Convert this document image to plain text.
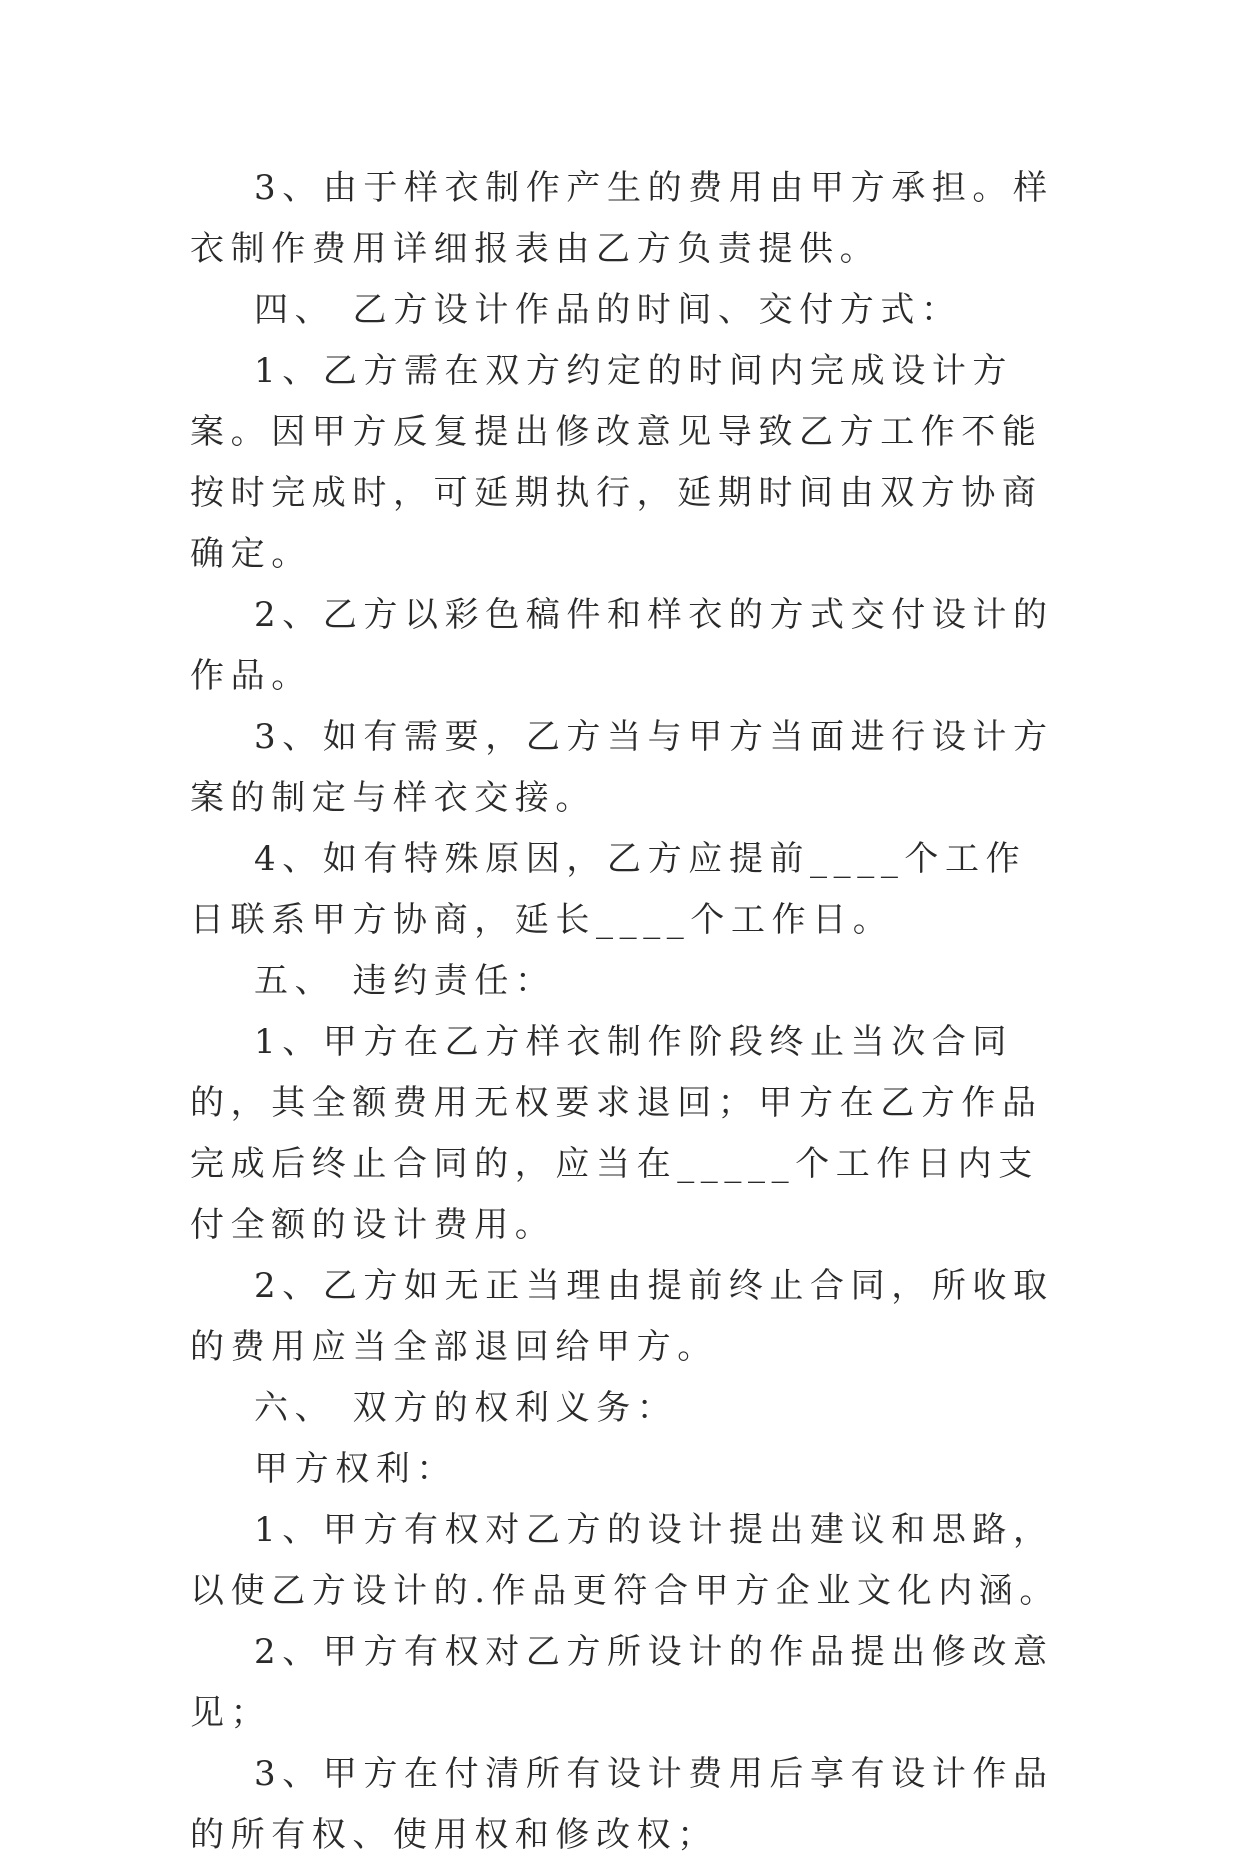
3、由于样衣制作产生的费用由甲方承担。样衣制作费用详细报表由乙方负责提供。

四、 乙方设计作品的时间、交付方式：

1、乙方需在双方约定的时间内完成设计方案。因甲方反复提出修改意见导致乙方工作不能按时完成时，可延期执行，延期时间由双方协商确定。

2、乙方以彩色稿件和样衣的方式交付设计的作品。

3、如有需要，乙方当与甲方当面进行设计方案的制定与样衣交接。

4、如有特殊原因，乙方应提前____个工作日联系甲方协商，延长____个工作日。

五、 违约责任：

1、甲方在乙方样衣制作阶段终止当次合同的，其全额费用无权要求退回；甲方在乙方作品完成后终止合同的，应当在_____个工作日内支付全额的设计费用。

2、乙方如无正当理由提前终止合同，所收取的费用应当全部退回给甲方。

六、 双方的权利义务：

甲方权利：

1、甲方有权对乙方的设计提出建议和思路，以使乙方设计的.作品更符合甲方企业文化内涵。

2、甲方有权对乙方所设计的作品提出修改意见；

3、甲方在付清所有设计费用后享有设计作品的所有权、使用权和修改权；
